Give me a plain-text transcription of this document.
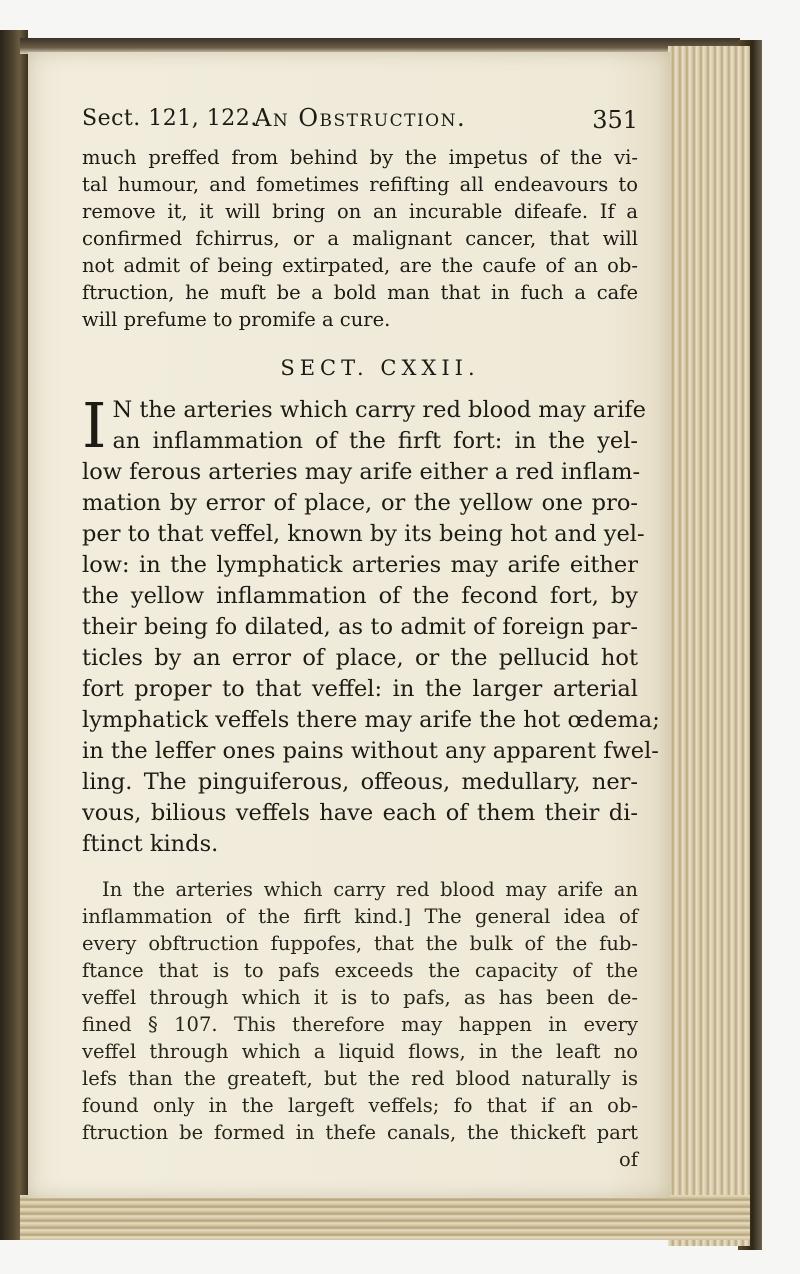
Sect. 121, 122.
An Obstruction.	351
much preffed from behind by the impetus of the vi-
tal humour, and fometimes refifting all endeavours to
remove it, it will bring on an incurable difeafe. If a
confirmed fchirrus, or a malignant cancer, that will
not admit of being extirpated, are the caufe of an ob-
ftruction, he muft be a bold man that in fuch a cafe
will prefume to promife a cure.
SECT. CXXII.
I N the arteries which carry red blood may arife
an inflammation of the firft fort: in the yel-
low ferous arteries may arife either a red inflam-
mation by error of place, or the yellow one pro-
per to that veffel, known by its being hot and yel-
low: in the lymphatick arteries may arife either
the yellow inflammation of the fecond fort, by
their being fo dilated, as to admit of foreign par-
ticles by an error of place, or the pellucid hot
fort proper to that veffel: in the larger arterial
lymphatick veffels there may arife the hot œdema;
in the leffer ones pains without any apparent fwel-
ling. The pinguiferous, offeous, medullary, ner-
vous, bilious veffels have each of them their di-
ftinct kinds.
In the arteries which carry red blood may arife an
inflammation of the firft kind.] The general idea of
every obftruction fuppofes, that the bulk of the fub-
ftance that is to pafs exceeds the capacity of the
veffel through which it is to pafs, as has been de-
fined § 107. This therefore may happen in every
veffel through which a liquid flows, in the leaft no
lefs than the greateft, but the red blood naturally is
found only in the largeft veffels; fo that if an ob-
ftruction be formed in thefe canals, the thickeft part
of
